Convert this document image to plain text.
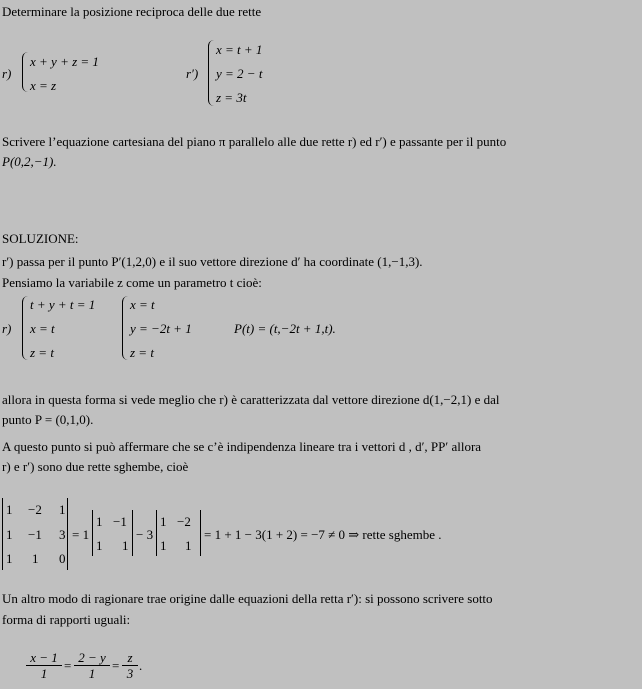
Determinare la posizione reciproca delle due rette
r)
x + y + z = 1
x = z
r′)
x = t + 1
y = 2 − t
z = 3t
Scrivere l’equazione cartesiana del piano π parallelo alle due rette r) ed r′) e passante per il punto
P(0,2,−1).
SOLUZIONE:
r′) passa per il punto P′(1,2,0) e il suo vettore direzione d′ ha coordinate (1,−1,3).
Pensiamo la variabile z come un parametro t cioè:
r)
t + y + t = 1
x = t
z = t
x = t
y = −2t + 1
z = t
P(t) = (t,−2t + 1,t).
allora in questa forma si vede meglio che r) è caratterizzata dal vettore direzione d(1,−2,1) e dal
punto P = (0,1,0).
A questo punto si può affermare che se c’è indipendenza lineare tra i vettori d , d′, PP′ allora
r) e r′) sono due rette sghembe, cioè
1 −2 1
1 −1 3
1 1 0
= 1
1 −1
1 1
− 3
1 −2
1 1
= 1 + 1 − 3(1 + 2) = −7 ≠ 0 ⇒ rette sghembe .
Un altro modo di ragionare trae origine dalle equazioni della retta r′): si possono scrivere sotto
forma di rapporti uguali:
$\frac{x - 1}{1} = \frac{2 - y}{1} = \frac{z}{3}$ .
